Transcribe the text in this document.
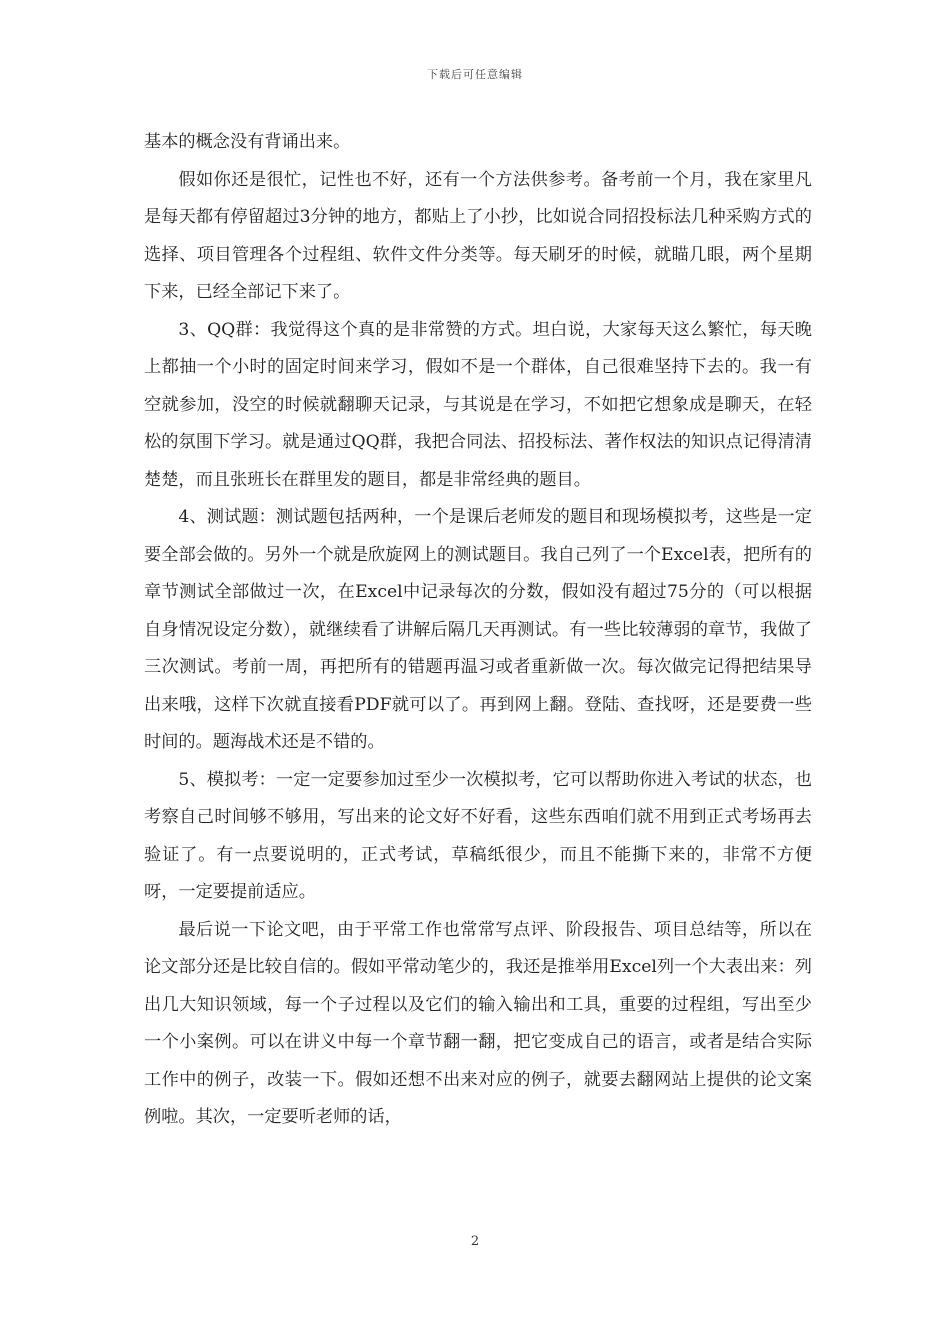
下载后可任意编辑

基本的概念没有背诵出来。

假如你还是很忙，记性也不好，还有一个方法供参考。备考前一个月，我在家里凡是每天都有停留超过3分钟的地方，都贴上了小抄，比如说合同招投标法几种采购方式的选择、项目管理各个过程组、软件文件分类等。每天刷牙的时候，就瞄几眼，两个星期下来，已经全部记下来了。

3、QQ群：我觉得这个真的是非常赞的方式。坦白说，大家每天这么繁忙，每天晚上都抽一个小时的固定时间来学习，假如不是一个群体，自己很难坚持下去的。我一有空就参加，没空的时候就翻聊天记录，与其说是在学习，不如把它想象成是聊天，在轻松的氛围下学习。就是通过QQ群，我把合同法、招投标法、著作权法的知识点记得清清楚楚，而且张班长在群里发的题目，都是非常经典的题目。

4、测试题：测试题包括两种，一个是课后老师发的题目和现场模拟考，这些是一定要全部会做的。另外一个就是欣旋网上的测试题目。我自己列了一个Excel表，把所有的章节测试全部做过一次，在Excel中记录每次的分数，假如没有超过75分的（可以根据自身情况设定分数），就继续看了讲解后隔几天再测试。有一些比较薄弱的章节，我做了三次测试。考前一周，再把所有的错题再温习或者重新做一次。每次做完记得把结果导出来哦，这样下次就直接看PDF就可以了。再到网上翻。登陆、查找呀，还是要费一些时间的。题海战术还是不错的。

5、模拟考：一定一定要参加过至少一次模拟考，它可以帮助你进入考试的状态，也考察自己时间够不够用，写出来的论文好不好看，这些东西咱们就不用到正式考场再去验证了。有一点要说明的，正式考试，草稿纸很少，而且不能撕下来的，非常不方便呀，一定要提前适应。

最后说一下论文吧，由于平常工作也常常写点评、阶段报告、项目总结等，所以在论文部分还是比较自信的。假如平常动笔少的，我还是推举用Excel列一个大表出来：列出几大知识领域，每一个子过程以及它们的输入输出和工具，重要的过程组，写出至少一个小案例。可以在讲义中每一个章节翻一翻，把它变成自己的语言，或者是结合实际工作中的例子，改装一下。假如还想不出来对应的例子，就要去翻网站上提供的论文案例啦。其次，一定要听老师的话，

2
